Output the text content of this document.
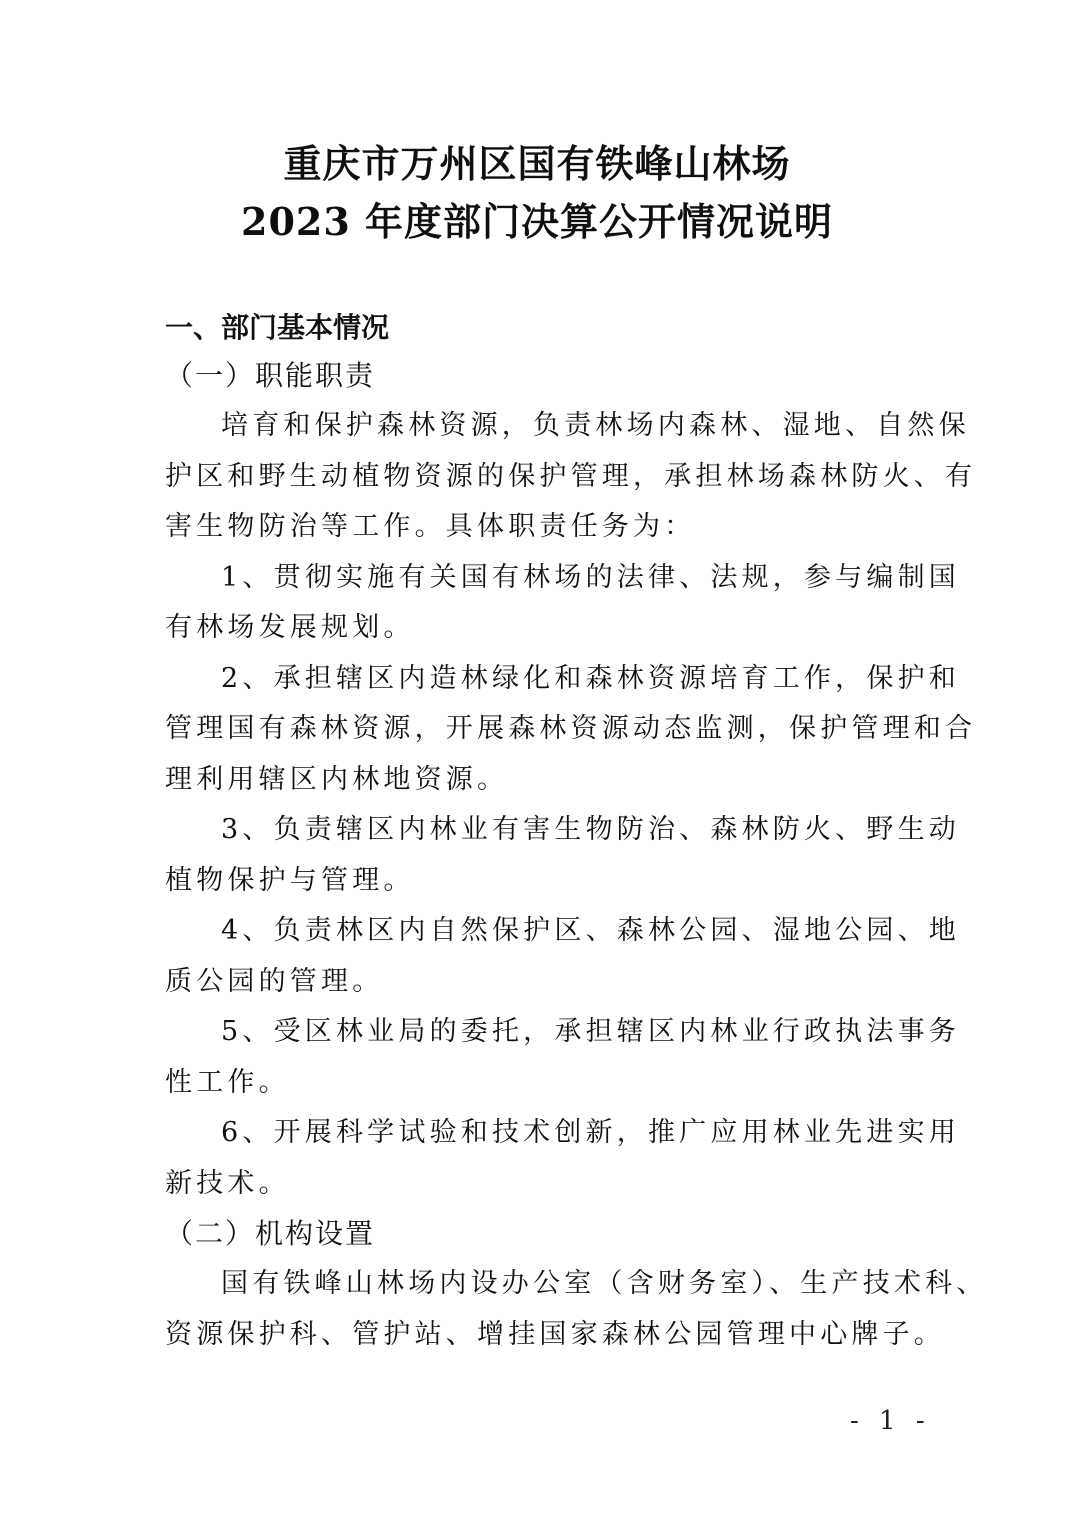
重庆市万州区国有铁峰山林场
2023 年度部门决算公开情况说明
一、部门基本情况
（一）职能职责
培育和保护森林资源，负责林场内森林、湿地、自然保
护区和野生动植物资源的保护管理，承担林场森林防火、有
害生物防治等工作。具体职责任务为：
1、贯彻实施有关国有林场的法律、法规，参与编制国
有林场发展规划。
2、承担辖区内造林绿化和森林资源培育工作，保护和
管理国有森林资源，开展森林资源动态监测，保护管理和合
理利用辖区内林地资源。
3、负责辖区内林业有害生物防治、森林防火、野生动
植物保护与管理。
4、负责林区内自然保护区、森林公园、湿地公园、地
质公园的管理。
5、受区林业局的委托，承担辖区内林业行政执法事务
性工作。
6、开展科学试验和技术创新，推广应用林业先进实用
新技术。
（二）机构设置
国有铁峰山林场内设办公室（含财务室）、生产技术科、
资源保护科、管护站、增挂国家森林公园管理中心牌子。
- 1 -
